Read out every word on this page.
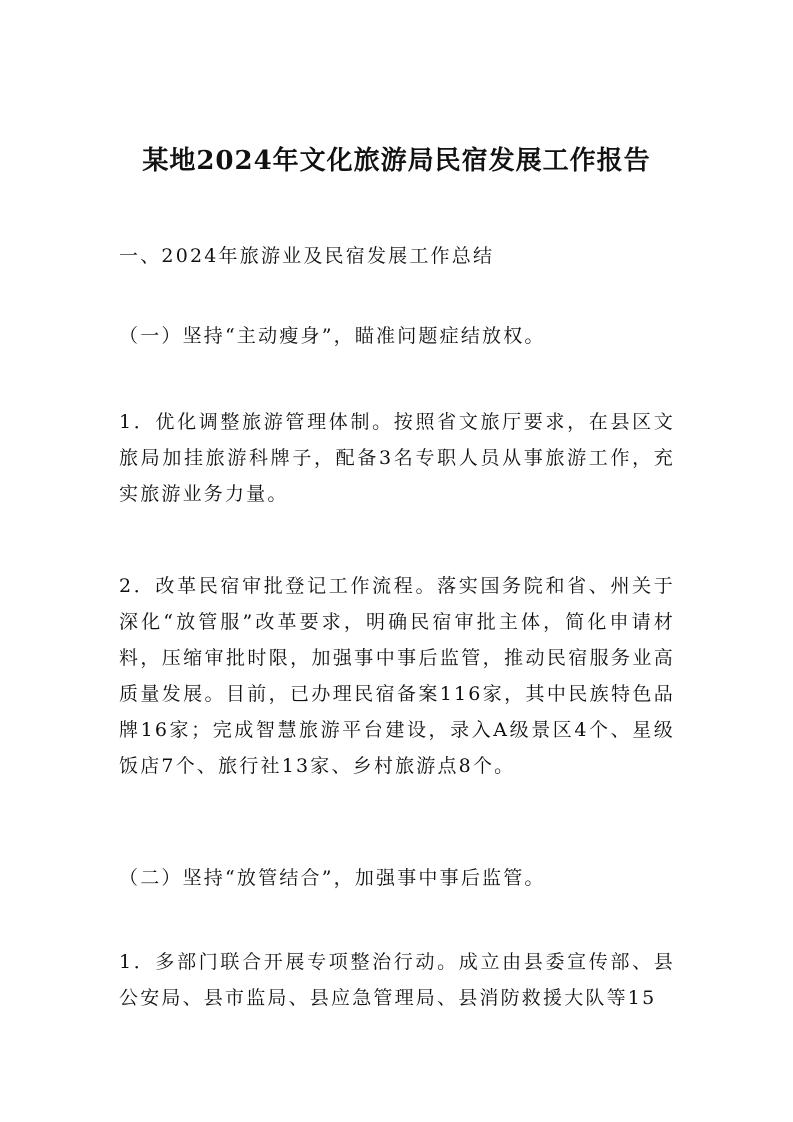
某地2024年文化旅游局民宿发展工作报告

一、2024年旅游业及民宿发展工作总结

（一）坚持“主动瘦身”，瞄准问题症结放权。

1．优化调整旅游管理体制。按照省文旅厅要求，在县区文旅局加挂旅游科牌子，配备3名专职人员从事旅游工作，充实旅游业务力量。

2．改革民宿审批登记工作流程。落实国务院和省、州关于深化“放管服”改革要求，明确民宿审批主体，简化申请材料，压缩审批时限，加强事中事后监管，推动民宿服务业高质量发展。目前，已办理民宿备案116家，其中民族特色品牌16家；完成智慧旅游平台建设，录入A级景区4个、星级饭店7个、旅行社13家、乡村旅游点8个。

（二）坚持“放管结合”，加强事中事后监管。

1．多部门联合开展专项整治行动。成立由县委宣传部、县公安局、县市监局、县应急管理局、县消防救援大队等15
